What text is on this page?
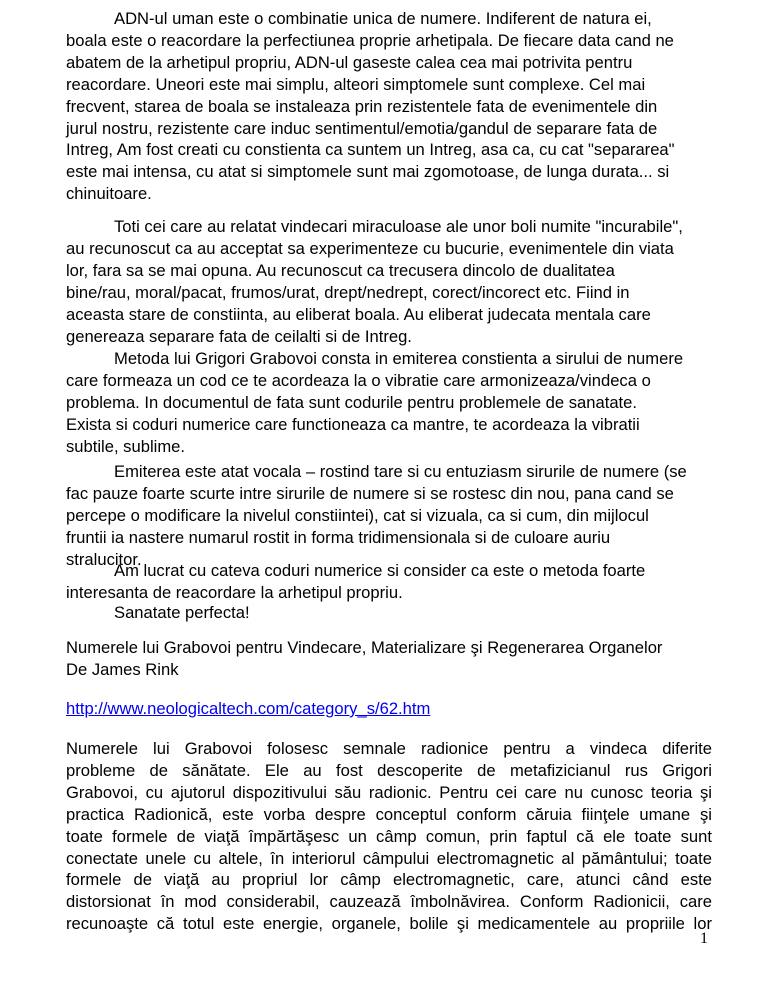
ADN-ul uman este o combinatie unica de numere. Indiferent de natura ei,
boala este o reacordare la perfectiunea proprie arhetipala. De fiecare data cand ne
abatem de la arhetipul propriu, ADN-ul gaseste calea cea mai potrivita pentru
reacordare. Uneori este mai simplu, alteori simptomele sunt complexe. Cel mai
frecvent, starea de boala se instaleaza prin rezistentele fata de evenimentele din
jurul nostru, rezistente care induc sentimentul/emotia/gandul de separare fata de
Intreg, Am fost creati cu constienta ca suntem un Intreg, asa ca, cu cat "separarea"
este mai intensa, cu atat si simptomele sunt mai zgomotoase, de lunga durata... si
chinuitoare.
Toti cei care au relatat vindecari miraculoase ale unor boli numite "incurabile",
au recunoscut ca au acceptat sa experimenteze cu bucurie, evenimentele din viata
lor, fara sa se mai opuna. Au recunoscut ca trecusera dincolo de dualitatea
bine/rau, moral/pacat, frumos/urat, drept/nedrept, corect/incorect etc. Fiind in
aceasta stare de constiinta, au eliberat boala. Au eliberat judecata mentala care
genereaza separare fata de ceilalti si de Intreg.
Metoda lui Grigori Grabovoi consta in emiterea constienta a sirului de numere
care formeaza un cod ce te acordeaza la o vibratie care armonizeaza/vindeca o
problema. In documentul de fata sunt codurile pentru problemele de sanatate.
Exista si coduri numerice care functioneaza ca mantre, te acordeaza la vibratii
subtile, sublime.
Emiterea este atat vocala – rostind tare si cu entuziasm sirurile de numere (se
fac pauze foarte scurte intre sirurile de numere si se rostesc din nou, pana cand se
percepe o modificare la nivelul constiintei), cat si vizuala, ca si cum, din mijlocul
fruntii ia nastere numarul rostit in forma tridimensionala si de culoare auriu
stralucitor.
Am lucrat cu cateva coduri numerice si consider ca este o metoda foarte
interesanta de reacordare la arhetipul propriu.
Sanatate perfecta!
Numerele lui Grabovoi pentru Vindecare, Materializare şi Regenerarea Organelor
De James Rink
http://www.neologicaltech.com/category_s/62.htm
Numerele lui Grabovoi folosesc semnale radionice pentru a vindeca diferite
probleme de sănătate. Ele au fost descoperite de metafizicianul rus Grigori
Grabovoi, cu ajutorul dispozitivului său radionic. Pentru cei care nu cunosc teoria şi
practica Radionică, este vorba despre conceptul conform căruia fiinţele umane şi
toate formele de viaţă împărtăşesc un câmp comun, prin faptul că ele toate sunt
conectate unele cu altele, în interiorul câmpului electromagnetic al pământului; toate
formele de viaţă au propriul lor câmp electromagnetic, care, atunci când este
distorsionat în mod considerabil, cauzează îmbolnăvirea. Conform Radionicii, care
recunoaşte că totul este energie, organele, bolile şi medicamentele au propriile lor
1
